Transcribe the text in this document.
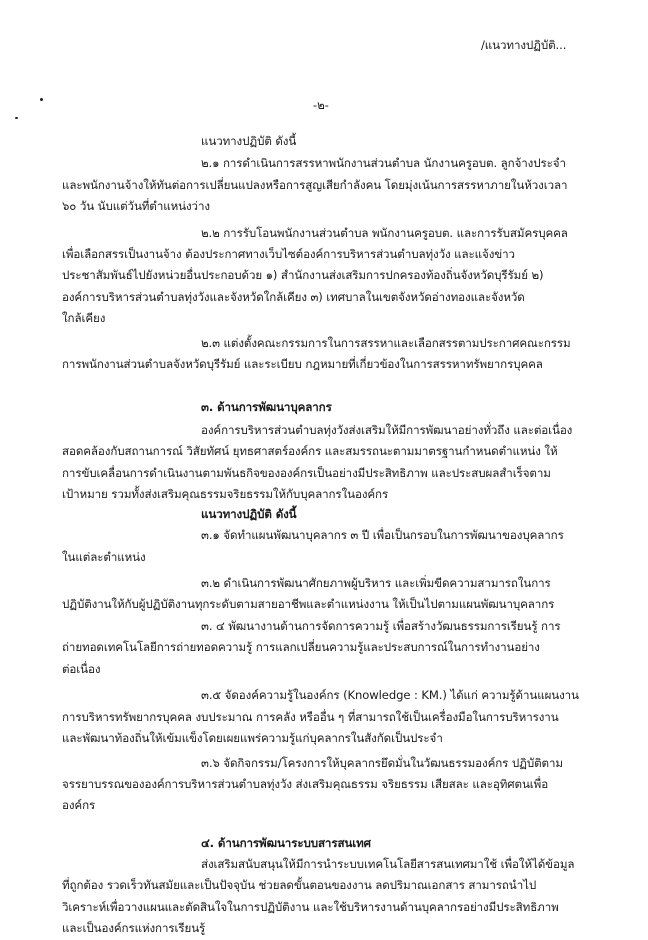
/แนวทางปฏิบัติ...
-๒-
แนวทางปฏิบัติ ดังนี้
๒.๑ การดำเนินการสรรหาพนักงานส่วนตำบล นักงานครูอบต. ลูกจ้างประจำ
และพนักงานจ้างให้ทันต่อการเปลี่ยนแปลงหรือการสูญเสียกำลังคน โดยมุ่งเน้นการสรรหาภายในห้วงเวลา
๖๐ วัน นับแต่วันที่ตำแหน่งว่าง
๒.๒ การรับโอนพนักงานส่วนตำบล พนักงานครูอบต. และการรับสมัครบุคคล
เพื่อเลือกสรรเป็นงานจ้าง ต้องประกาศทางเว็บไซต์องค์การบริหารส่วนตำบลทุ่งวัง และแจ้งข่าว
ประชาสัมพันธ์ไปยังหน่วยอื่นประกอบด้วย ๑) สำนักงานส่งเสริมการปกครองท้องถิ่นจังหวัดบุรีรัมย์ ๒)
องค์การบริหารส่วนตำบลทุ่งวังและจังหวัดใกล้เคียง ๓) เทศบาลในเขตจังหวัดอ่างทองและจังหวัด
ใกล้เคียง
๒.๓ แต่งตั้งคณะกรรมการในการสรรหาและเลือกสรรตามประกาศคณะกรรม
การพนักงานส่วนตำบลจังหวัดบุรีรัมย์ และระเบียบ กฎหมายที่เกี่ยวข้องในการสรรหาทรัพยากรบุคคล
๓. ด้านการพัฒนาบุคลากร
องค์การบริหารส่วนตำบลทุ่งวังส่งเสริมให้มีการพัฒนาอย่างทั่วถึง และต่อเนื่อง
สอดคล้องกับสถานการณ์ วิสัยทัศน์ ยุทธศาสตร์องค์กร และสมรรถนะตามมาตรฐานกำหนดตำแหน่ง ให้
การขับเคลื่อนการดำเนินงานตามพันธกิจขององค์กรเป็นอย่างมีประสิทธิภาพ และประสบผลสำเร็จตาม
เป้าหมาย รวมทั้งส่งเสริมคุณธรรมจริยธรรมให้กับบุคลากรในองค์กร
แนวทางปฏิบัติ ดังนี้
๓.๑ จัดทำแผนพัฒนาบุคลากร ๓ ปี เพื่อเป็นกรอบในการพัฒนาของบุคลากร
ในแต่ละตำแหน่ง
๓.๒ ดำเนินการพัฒนาศักยภาพผู้บริหาร และเพิ่มขีดความสามารถในการ
ปฏิบัติงานให้กับผู้ปฏิบัติงานทุกระดับตามสายอาชีพและตำแหน่งงาน ให้เป็นไปตามแผนพัฒนาบุคลากร
๓. ๔ พัฒนางานด้านการจัดการความรู้ เพื่อสร้างวัฒนธรรมการเรียนรู้ การ
ถ่ายทอดเทคโนโลยีการถ่ายทอดความรู้ การแลกเปลี่ยนความรู้และประสบการณ์ในการทำงานอย่าง
ต่อเนื่อง
๓.๕ จัดองค์ความรู้ในองค์กร (Knowledge : KM.) ได้แก่ ความรู้ด้านแผนงาน
การบริหารทรัพยากรบุคคล งบประมาณ การคลัง หรืออื่น ๆ ที่สามารถใช้เป็นเครื่องมือในการบริหารงาน
และพัฒนาท้องถิ่นให้เข้มแข็งโดยเผยแพร่ความรู้แก่บุคลากรในสังกัดเป็นประจำ
๓.๖ จัดกิจกรรม/โครงการให้บุคลากรยึดมั่นในวัฒนธรรมองค์กร ปฏิบัติตาม
จรรยาบรรณขององค์การบริหารส่วนตำบลทุ่งวัง ส่งเสริมคุณธรรม จริยธรรม เสียสละ และอุทิศตนเพื่อ
องค์กร
๔. ด้านการพัฒนาระบบสารสนเทศ
ส่งเสริมสนับสนุนให้มีการนำระบบเทคโนโลยีสารสนเทศมาใช้ เพื่อให้ได้ข้อมูล
ที่ถูกต้อง รวดเร็วทันสมัยและเป็นปัจจุบัน ช่วยลดขั้นตอนของงาน ลดปริมาณเอกสาร สามารถนำไป
วิเคราะห์เพื่อวางแผนและตัดสินใจในการปฏิบัติงาน และใช้บริหารงานด้านบุคลากรอย่างมีประสิทธิภาพ
และเป็นองค์กรแห่งการเรียนรู้
